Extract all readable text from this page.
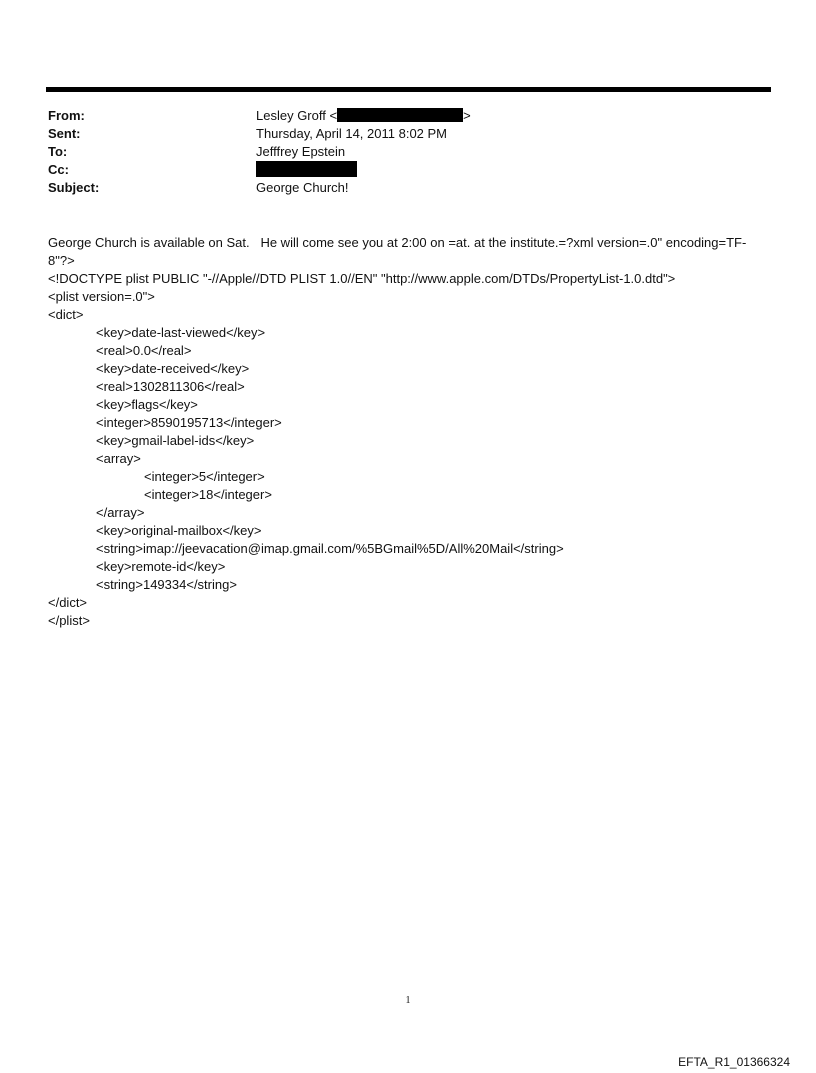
From:	Lesley Groff <	>
Sent:	Thursday, April 14, 2011 8:02 PM
To:	Jefffrey Epstein
Cc:
Subject:	George Church!
George Church is available on Sat.   He will come see you at 2:00 on =at. at the institute.=?xml version=.0" encoding=TF-
8"?>
<!DOCTYPE plist PUBLIC "-//Apple//DTD PLIST 1.0//EN" "http://www.apple.com/DTDs/PropertyList-1.0.dtd">
<plist version=.0">
<dict>
<key>date-last-viewed</key>
<real>0.0</real>
<key>date-received</key>
<real>1302811306</real>
<key>flags</key>
<integer>8590195713</integer>
<key>gmail-label-ids</key>
<array>
<integer>5</integer>
<integer>18</integer>
</array>
<key>original-mailbox</key>
<string>imap://jeevacation@imap.gmail.com/%5BGmail%5D/All%20Mail</string>
<key>remote-id</key>
<string>149334</string>
</dict>
</plist>
1
EFTA_R1_01366324
